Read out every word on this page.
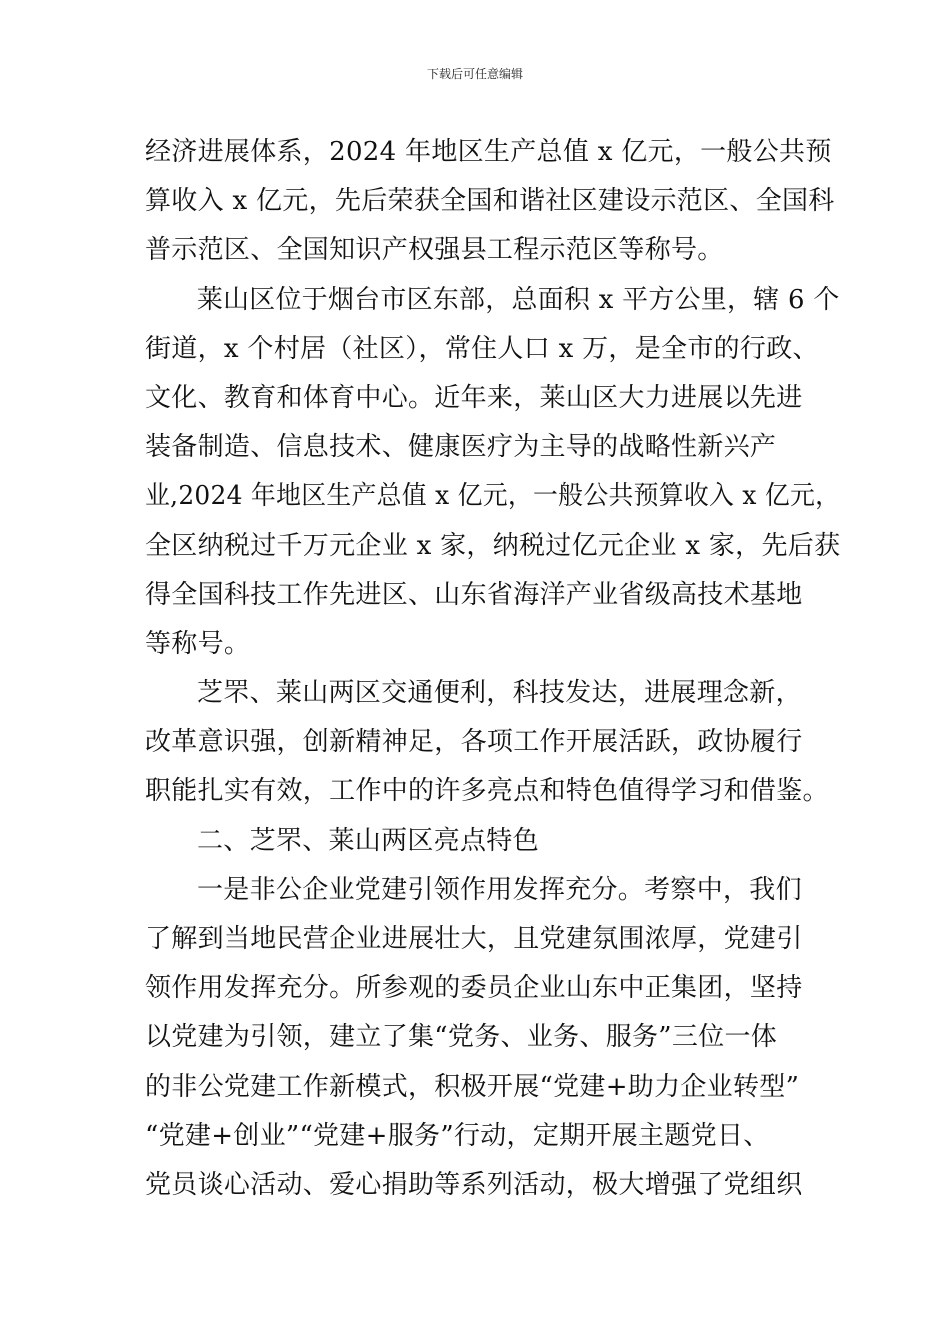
下载后可任意编辑
经济进展体系，2024 年地区生产总值 x 亿元，一般公共预
算收入 x 亿元，先后荣获全国和谐社区建设示范区、全国科
普示范区、全国知识产权强县工程示范区等称号。
莱山区位于烟台市区东部，总面积 x 平方公里，辖 6 个
街道，x 个村居（社区），常住人口 x 万，是全市的行政、
文化、教育和体育中心。近年来，莱山区大力进展以先进
装备制造、信息技术、健康医疗为主导的战略性新兴产
业,2024 年地区生产总值 x 亿元，一般公共预算收入 x 亿元，
全区纳税过千万元企业 x 家，纳税过亿元企业 x 家，先后获
得全国科技工作先进区、山东省海洋产业省级高技术基地
等称号。
芝罘、莱山两区交通便利，科技发达，进展理念新，
改革意识强，创新精神足，各项工作开展活跃，政协履行
职能扎实有效，工作中的许多亮点和特色值得学习和借鉴。
二、芝罘、莱山两区亮点特色
一是非公企业党建引领作用发挥充分。考察中，我们
了解到当地民营企业进展壮大，且党建氛围浓厚，党建引
领作用发挥充分。所参观的委员企业山东中正集团，坚持
以党建为引领，建立了集“党务、业务、服务”三位一体
的非公党建工作新模式，积极开展“党建+助力企业转型”
“党建+创业”“党建+服务”行动，定期开展主题党日、
党员谈心活动、爱心捐助等系列活动，极大增强了党组织
